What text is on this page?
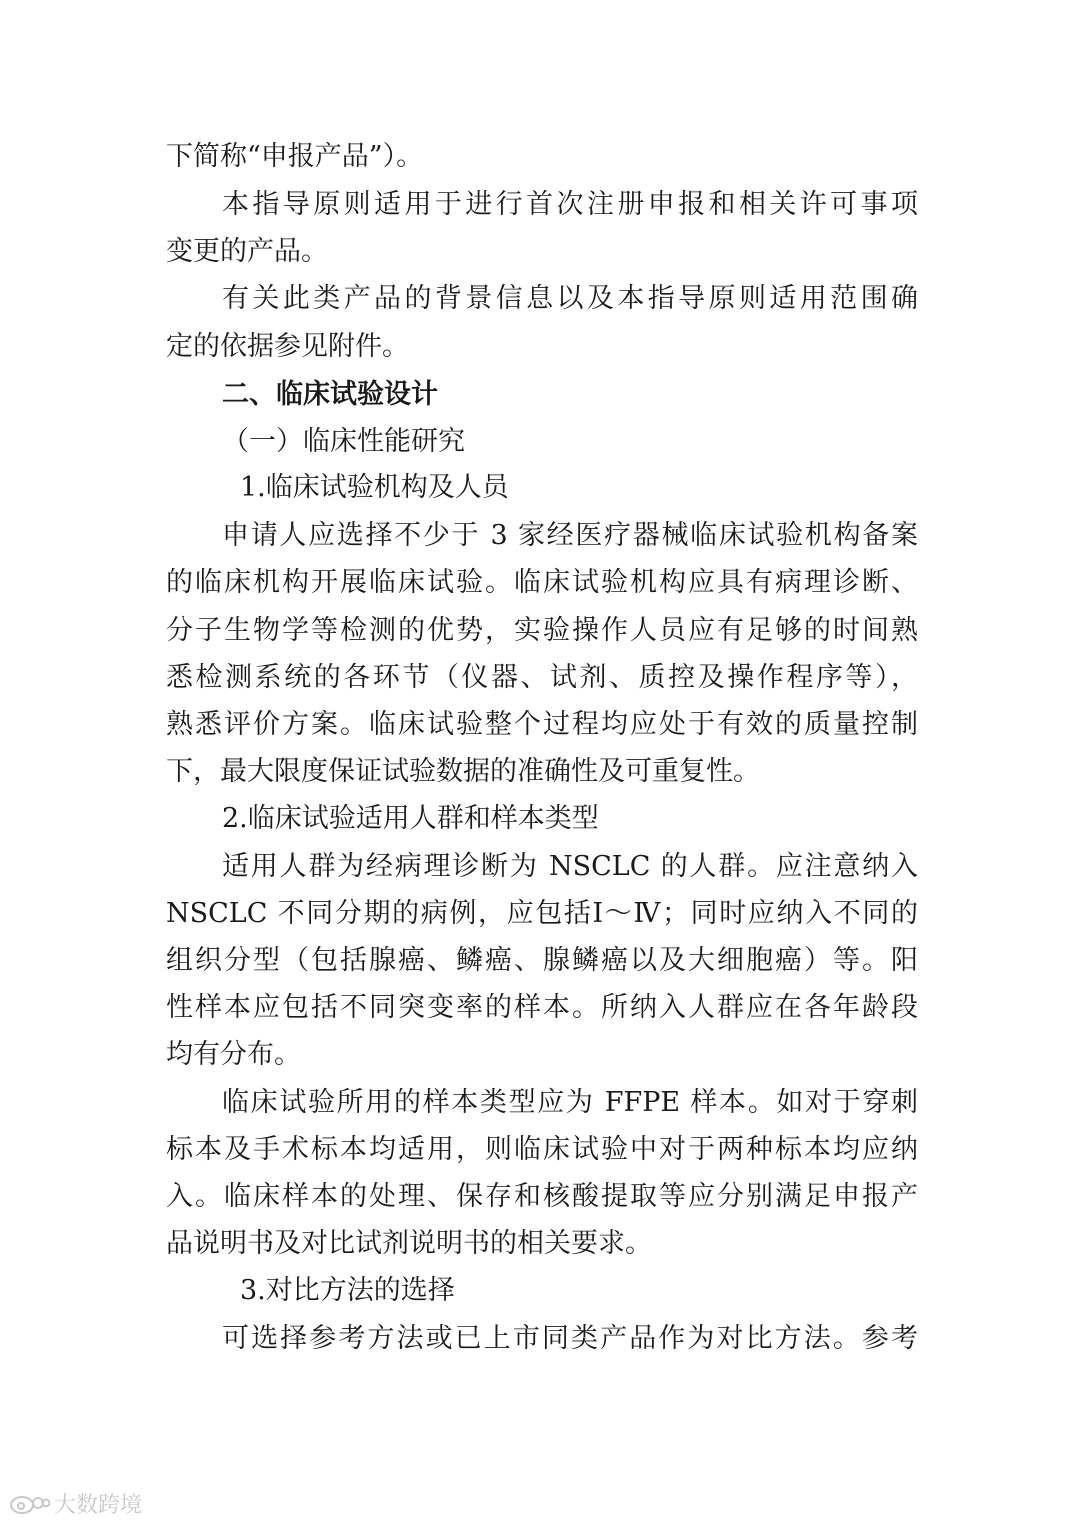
下简称“申报产品”）。
本指导原则适用于进行首次注册申报和相关许可事项
变更的产品。
有关此类产品的背景信息以及本指导原则适用范围确
定的依据参见附件。
二、临床试验设计
（一）临床性能研究
1.临床试验机构及人员
申请人应选择不少于 3 家经医疗器械临床试验机构备案
的临床机构开展临床试验。临床试验机构应具有病理诊断、
分子生物学等检测的优势，实验操作人员应有足够的时间熟
悉检测系统的各环节（仪器、试剂、质控及操作程序等），
熟悉评价方案。临床试验整个过程均应处于有效的质量控制
下，最大限度保证试验数据的准确性及可重复性。
2.临床试验适用人群和样本类型
适用人群为经病理诊断为 NSCLC 的人群。应注意纳入
NSCLC 不同分期的病例，应包括Ⅰ～Ⅳ；同时应纳入不同的
组织分型（包括腺癌、鳞癌、腺鳞癌以及大细胞癌）等。阳
性样本应包括不同突变率的样本。所纳入人群应在各年龄段
均有分布。
临床试验所用的样本类型应为 FFPE 样本。如对于穿刺
标本及手术标本均适用，则临床试验中对于两种标本均应纳
入。临床样本的处理、保存和核酸提取等应分别满足申报产
品说明书及对比试剂说明书的相关要求。
3.对比方法的选择
可选择参考方法或已上市同类产品作为对比方法。参考
大数跨境
